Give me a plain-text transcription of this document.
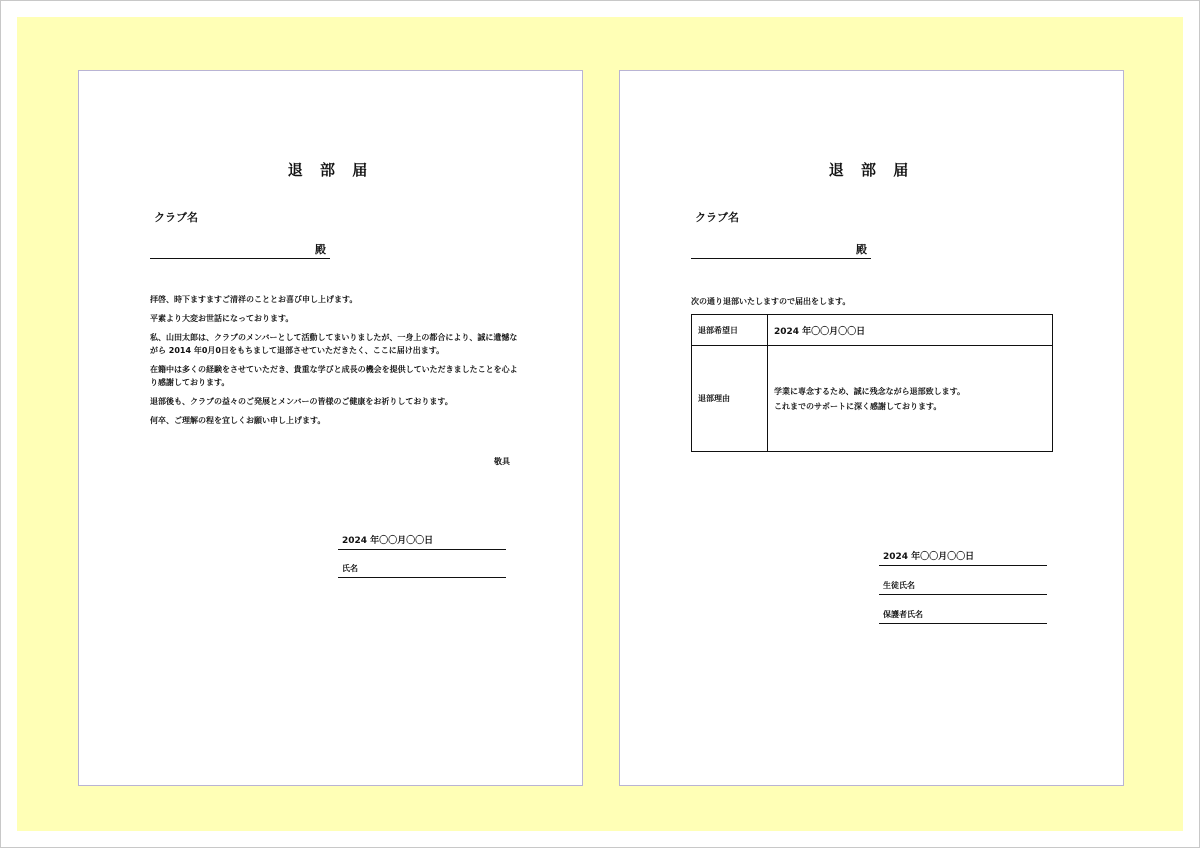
退 部 届
クラブ名
殿

拝啓、時下ますますご清祥のこととお喜び申し上げます。

平素より大変お世話になっております。

私、山田太郎は、クラブのメンバーとして活動してまいりましたが、一身上の都合により、誠に遺憾ながら 2014 年0月0日をもちまして退部させていただきたく、ここに届け出ます。

在籍中は多くの経験をさせていただき、貴重な学びと成長の機会を提供していただきましたことを心より感謝しております。

退部後も、クラブの益々のご発展とメンバーの皆様のご健康をお祈りしております。

何卒、ご理解の程を宜しくお願い申し上げます。

敬具
2024 年〇〇月〇〇日
氏名
退 部 届
クラブ名
殿
次の通り退部いたしますので届出をします。
退部希望日	2024 年〇〇月〇〇日
退部理由	学業に専念するため、誠に残念ながら退部致します。
これまでのサポートに深く感謝しております。
2024 年〇〇月〇〇日
生徒氏名
保護者氏名
